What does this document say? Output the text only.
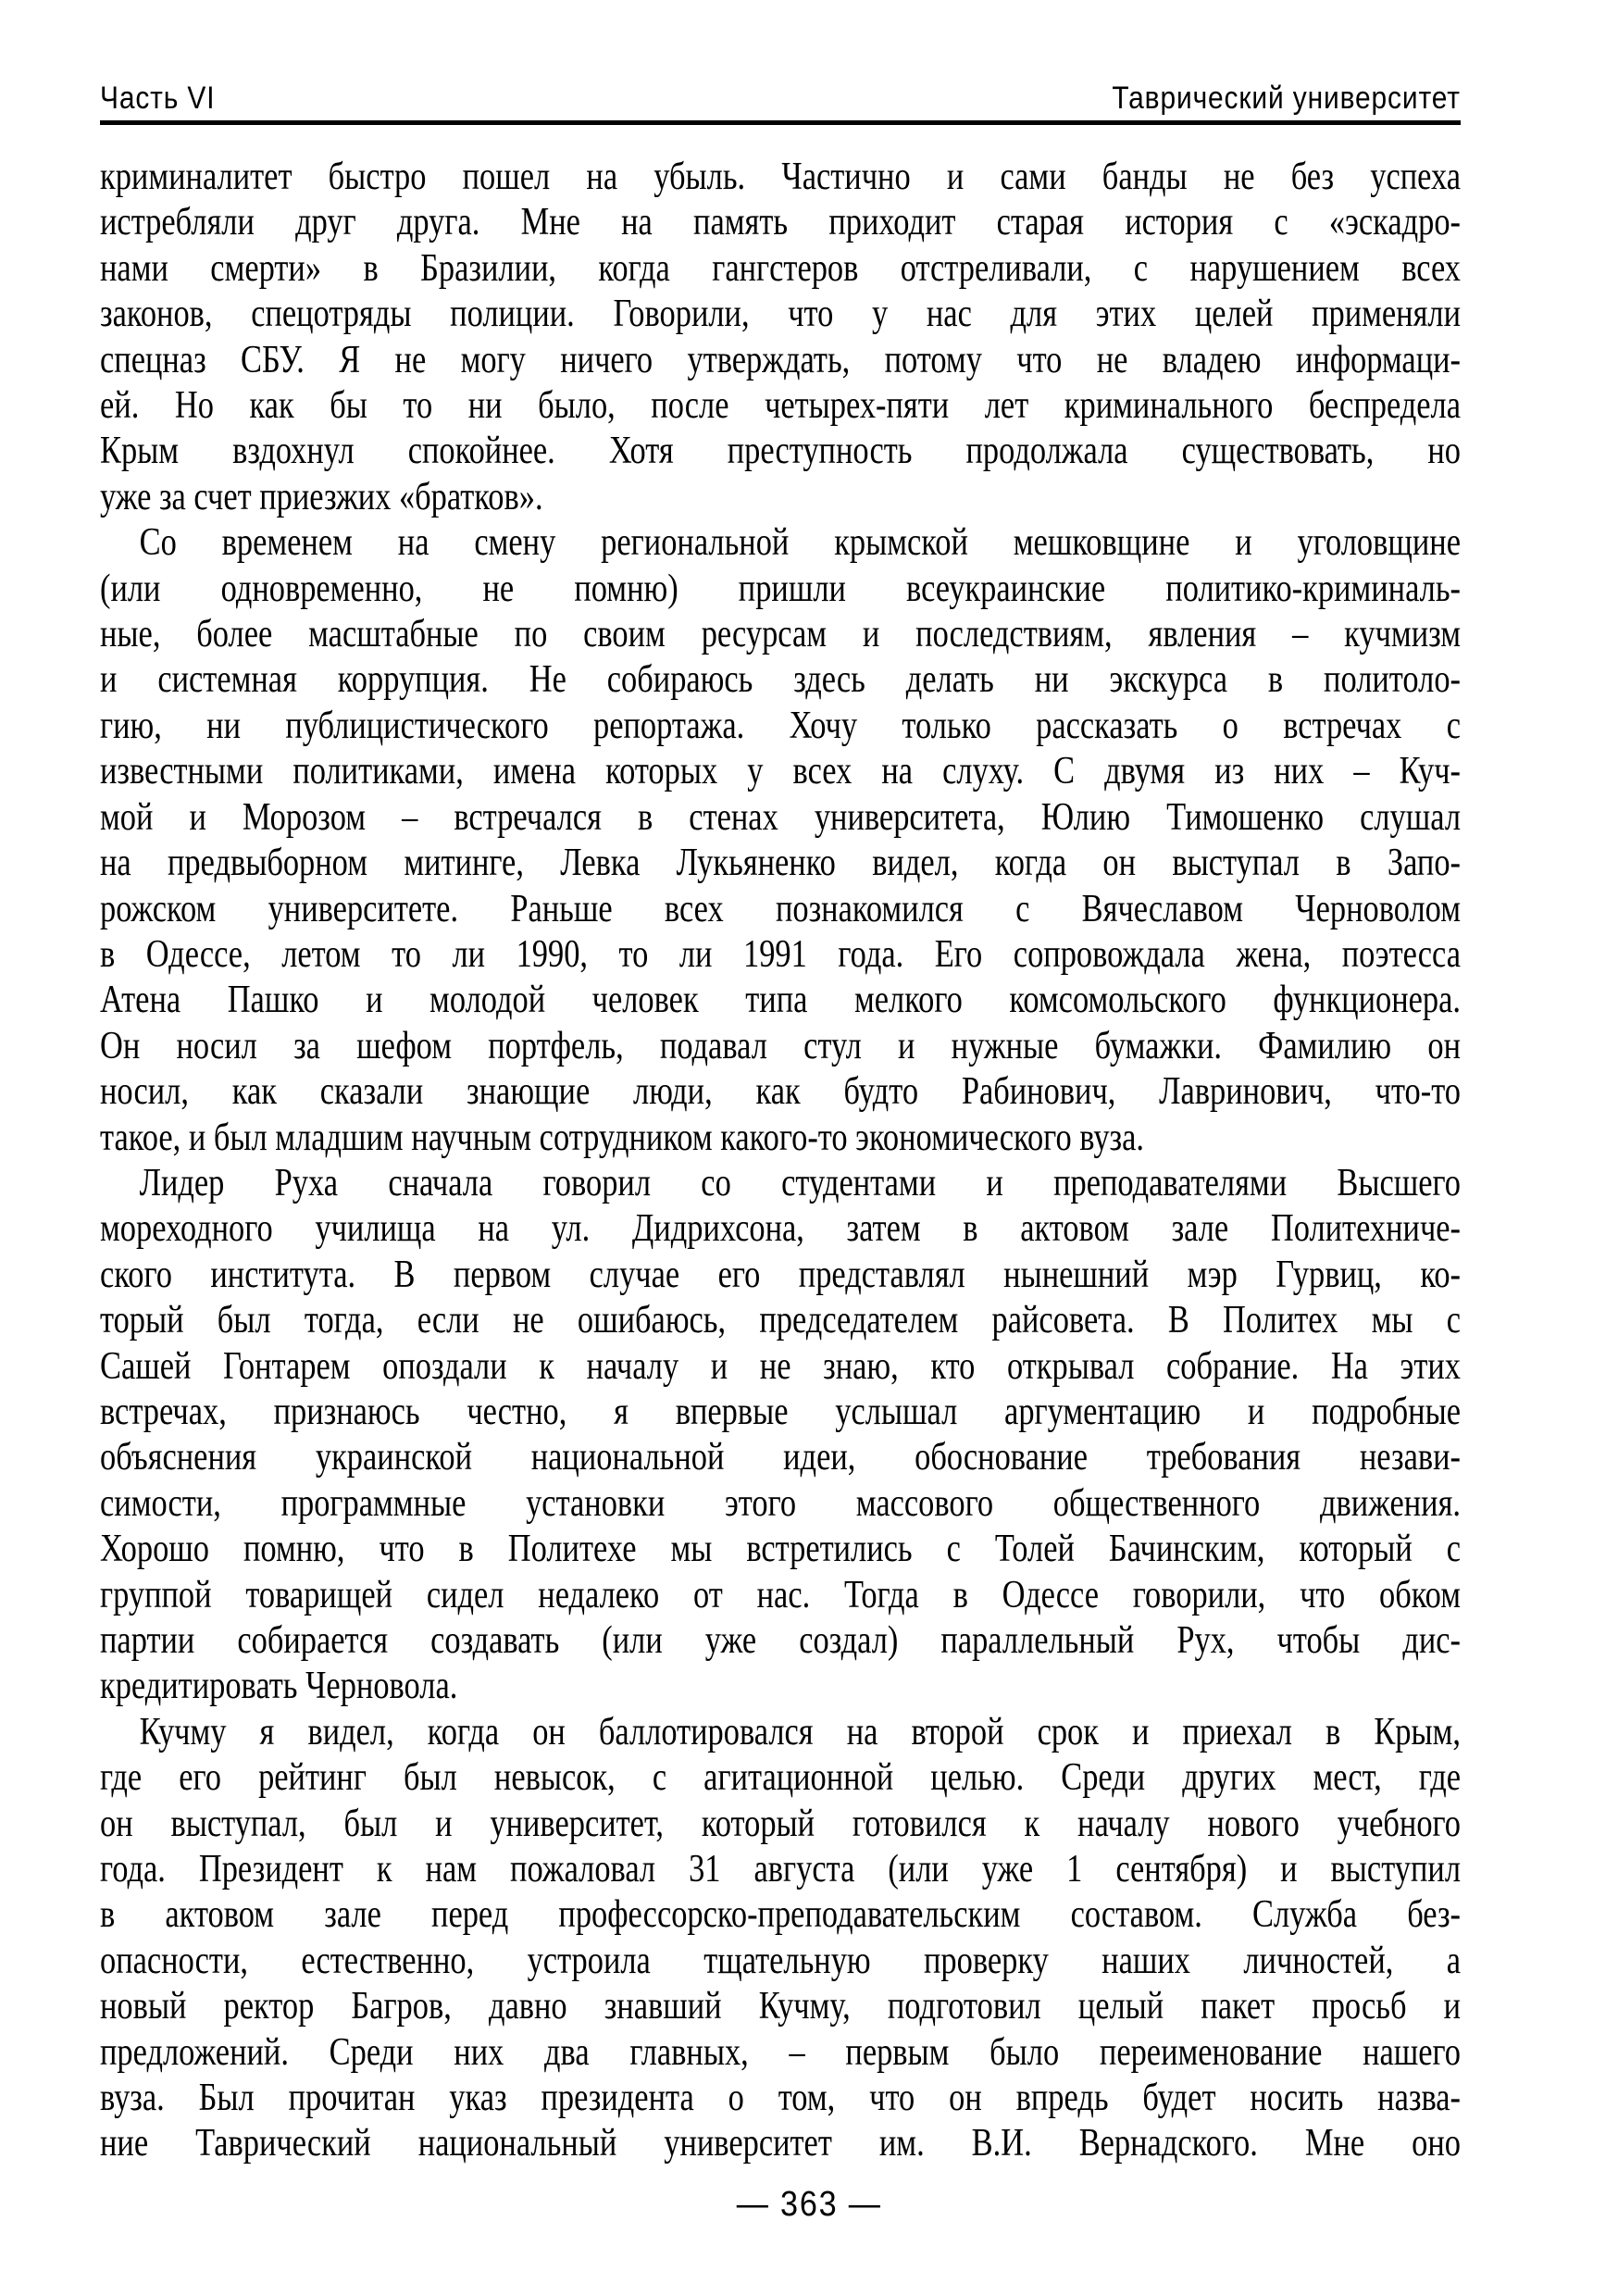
Часть VI	Таврический университет
криминалитет быстро пошел на убыль. Частично и сами банды не без успеха
истребляли друг друга. Мне на память приходит старая история с «эскадро-
нами смерти» в Бразилии, когда гангстеров отстреливали, с нарушением всех
законов, спецотряды полиции. Говорили, что у нас для этих целей применяли
спецназ СБУ. Я не могу ничего утверждать, потому что не владею информаци-
ей. Но как бы то ни было, после четырех-пяти лет криминального беспредела
Крым вздохнул спокойнее. Хотя преступность продолжала существовать, но
уже за счет приезжих «братков».
Со временем на смену региональной крымской мешковщине и уголовщине
(или одновременно, не помню) пришли всеукраинские политико-криминаль-
ные, более масштабные по своим ресурсам и последствиям, явления – кучмизм
и системная коррупция. Не собираюсь здесь делать ни экскурса в политоло-
гию, ни публицистического репортажа. Хочу только рассказать о встречах с
известными политиками, имена которых у всех на слуху. С двумя из них – Куч-
мой и Морозом – встречался в стенах университета, Юлию Тимошенко слушал
на предвыборном митинге, Левка Лукьяненко видел, когда он выступал в Запо-
рожском университете. Раньше всех познакомился с Вячеславом Черноволом
в Одессе, летом то ли 1990, то ли 1991 года. Его сопровождала жена, поэтесса
Атена Пашко и молодой человек типа мелкого комсомольского функционера.
Он носил за шефом портфель, подавал стул и нужные бумажки. Фамилию он
носил, как сказали знающие люди, как будто Рабинович, Лавринович, что-то
такое, и был младшим научным сотрудником какого-то экономического вуза.
Лидер Руха сначала говорил со студентами и преподавателями Высшего
мореходного училища на ул. Дидрихсона, затем в актовом зале Политехниче-
ского института. В первом случае его представлял нынешний мэр Гурвиц, ко-
торый был тогда, если не ошибаюсь, председателем райсовета. В Политех мы с
Сашей Гонтарем опоздали к началу и не знаю, кто открывал собрание. На этих
встречах, признаюсь честно, я впервые услышал аргументацию и подробные
объяснения украинской национальной идеи, обоснование требования незави-
симости, программные установки этого массового общественного движения.
Хорошо помню, что в Политехе мы встретились с Толей Бачинским, который с
группой товарищей сидел недалеко от нас. Тогда в Одессе говорили, что обком
партии собирается создавать (или уже создал) параллельный Рух, чтобы дис-
кредитировать Черновола.
Кучму я видел, когда он баллотировался на второй срок и приехал в Крым,
где его рейтинг был невысок, с агитационной целью. Среди других мест, где
он выступал, был и университет, который готовился к началу нового учебного
года. Президент к нам пожаловал 31 августа (или уже 1 сентября) и выступил
в актовом зале перед профессорско-преподавательским составом. Служба без-
опасности, естественно, устроила тщательную проверку наших личностей, а
новый ректор Багров, давно знавший Кучму, подготовил целый пакет просьб и
предложений. Среди них два главных, – первым было переименование нашего
вуза. Был прочитан указ президента о том, что он впредь будет носить назва-
ние Таврический национальный университет им. В.И. Вернадского. Мне оно
— 363 —
